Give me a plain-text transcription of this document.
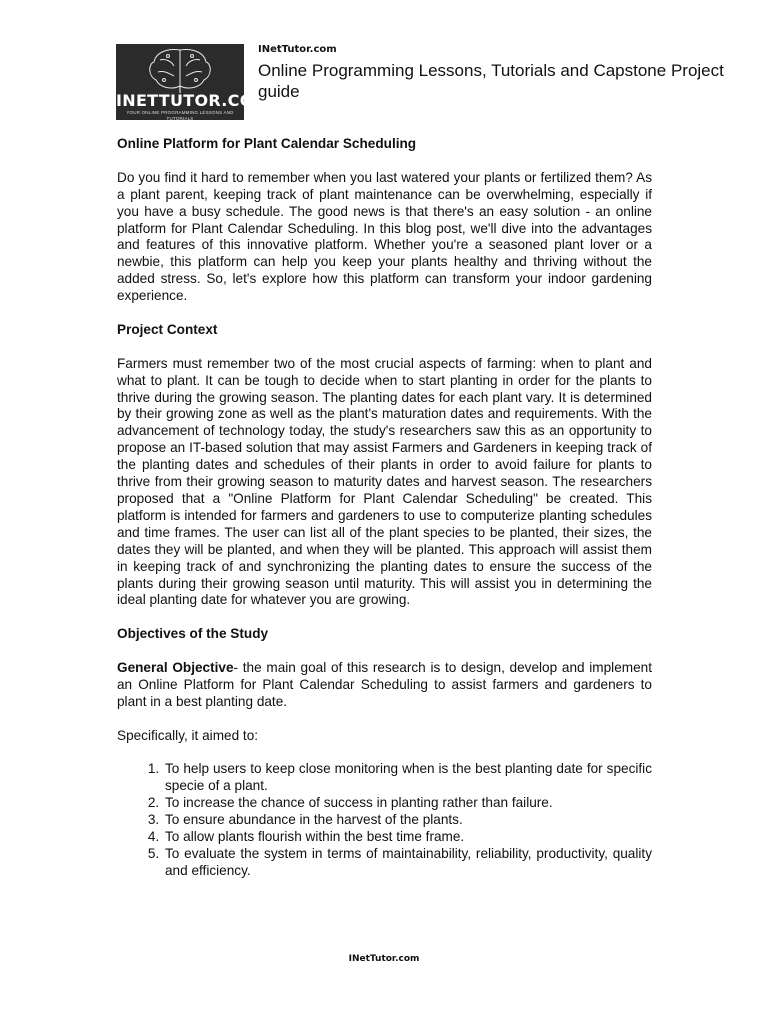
INETTUTOR.COM
YOUR ONLINE PROGRAMMING LESSONS AND TUTORIALS
INetTutor.com
Online Programming Lessons, Tutorials and Capstone Project guide
Online Platform for Plant Calendar Scheduling

Do you find it hard to remember when you last watered your plants or fertilized them? As a plant parent, keeping track of plant maintenance can be overwhelming, especially if you have a busy schedule. The good news is that there's an easy solution - an online platform for Plant Calendar Scheduling. In this blog post, we'll dive into the advantages and features of this innovative platform. Whether you're a seasoned plant lover or a newbie, this platform can help you keep your plants healthy and thriving without the added stress. So, let's explore how this platform can transform your indoor gardening experience.

Project Context

Farmers must remember two of the most crucial aspects of farming: when to plant and what to plant. It can be tough to decide when to start planting in order for the plants to thrive during the growing season. The planting dates for each plant vary. It is determined by their growing zone as well as the plant's maturation dates and requirements. With the advancement of technology today, the study's researchers saw this as an opportunity to propose an IT-based solution that may assist Farmers and Gardeners in keeping track of the planting dates and schedules of their plants in order to avoid failure for plants to thrive from their growing season to maturity dates and harvest season. The researchers proposed that a "Online Platform for Plant Calendar Scheduling" be created. This platform is intended for farmers and gardeners to use to computerize planting schedules and time frames. The user can list all of the plant species to be planted, their sizes, the dates they will be planted, and when they will be planted. This approach will assist them in keeping track of and synchronizing the planting dates to ensure the success of the plants during their growing season until maturity. This will assist you in determining the ideal planting date for whatever you are growing.

Objectives of the Study

General Objective- the main goal of this research is to design, develop and implement an Online Platform for Plant Calendar Scheduling to assist farmers and gardeners to plant in a best planting date.

Specifically, it aimed to:

1. To help users to keep close monitoring when is the best planting date for specific specie of a plant.
2. To increase the chance of success in planting rather than failure.
3. To ensure abundance in the harvest of the plants.
4. To allow plants flourish within the best time frame.
5. To evaluate the system in terms of maintainability, reliability, productivity, quality and efficiency.
INetTutor.com
